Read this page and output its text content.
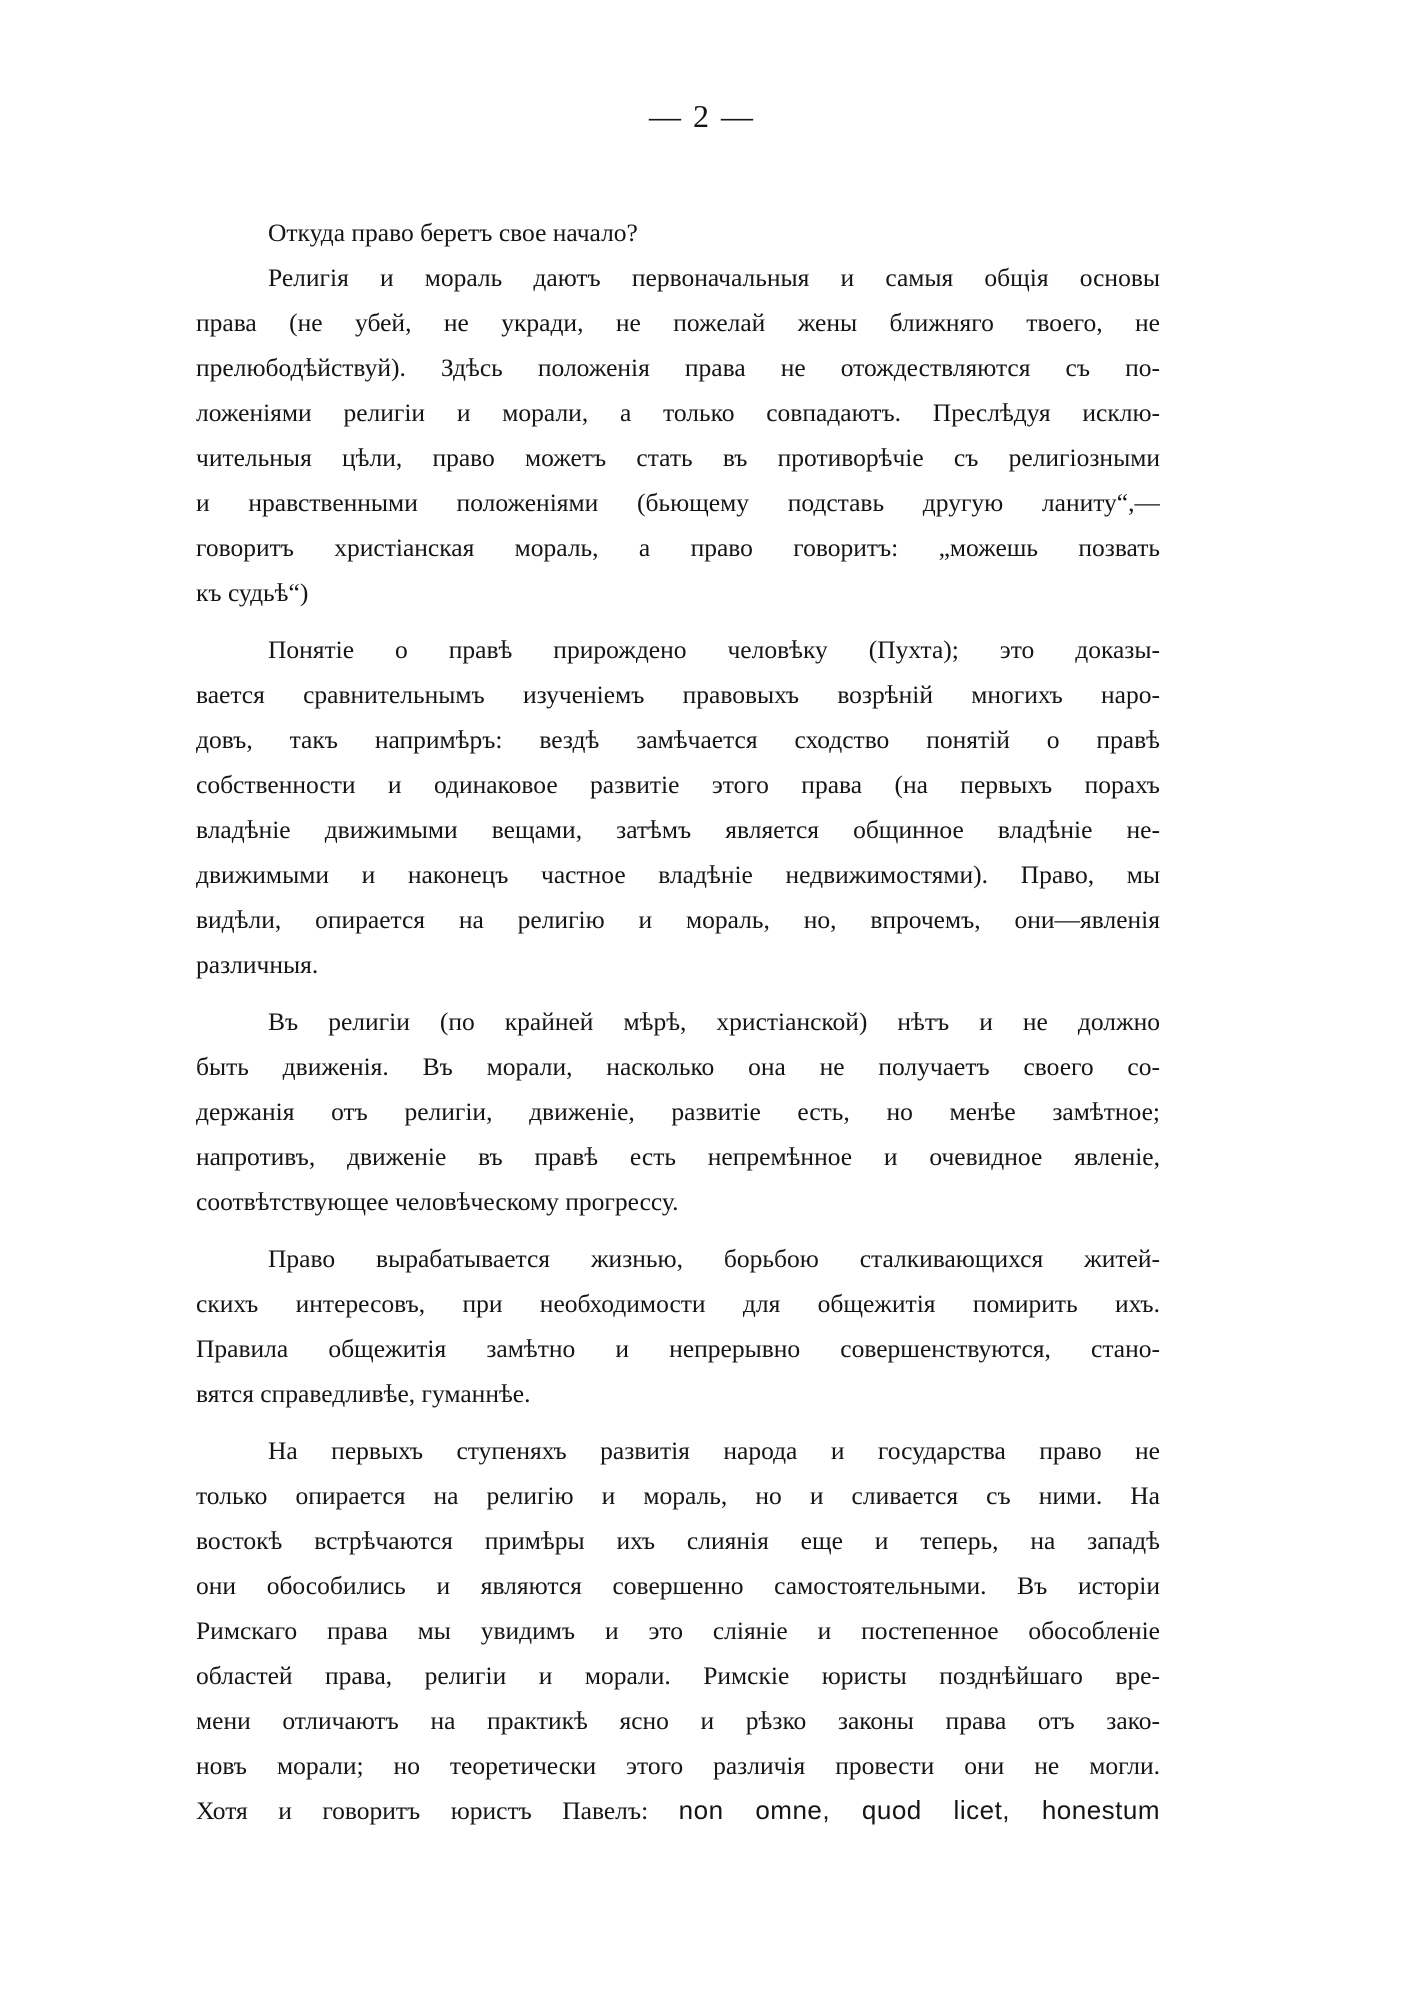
— 2 —

Откуда право беретъ свое начало?
Религія и мораль даютъ первоначальныя и самыя общія основы
права (не убей, не укради, не пожелай жены ближняго твоего, не
прелюбодѣйствуй). Здѣсь положенія права не отождествляются съ по-
ложеніями религіи и морали, а только совпадаютъ. Преслѣдуя исклю-
чительныя цѣли, право можетъ стать въ противорѣчіе съ религіозными
и нравственными положеніями (бьющему подставь другую ланиту“,—
говоритъ христіанская мораль, а право говоритъ: „можешь позвать
къ судьѣ“)
Понятіе о правѣ прирождено человѣку (Пухта); это доказы-
вается сравнительнымъ изученіемъ правовыхъ возрѣній многихъ наро-
довъ, такъ напримѣръ: вездѣ замѣчается сходство понятій о правѣ
собственности и одинаковое развитіе этого права (на первыхъ порахъ
владѣніе движимыми вещами, затѣмъ является общинное владѣніе не-
движимыми и наконецъ частное владѣніе недвижимостями). Право, мы
видѣли, опирается на религію и мораль, но, впрочемъ, они—явленія
различныя.
Въ религіи (по крайней мѣрѣ, христіанской) нѣтъ и не должно
быть движенія. Въ морали, насколько она не получаетъ своего со-
держанія отъ религіи, движеніе, развитіе есть, но менѣе замѣтное;
напротивъ, движеніе въ правѣ есть непремѣнное и очевидное явленіе,
соотвѣтствующее человѣческому прогрессу.
Право вырабатывается жизнью, борьбою сталкивающихся житей-
скихъ интересовъ, при необходимости для общежитія помирить ихъ.
Правила общежитія замѣтно и непрерывно совершенствуются, стано-
вятся справедливѣе, гуманнѣе.
На первыхъ ступеняхъ развитія народа и государства право не
только опирается на религію и мораль, но и сливается съ ними. На
востокѣ встрѣчаются примѣры ихъ слиянія еще и теперь, на западѣ
они обособились и являются совершенно самостоятельными. Въ исторіи
Римскаго права мы увидимъ и это сліяніе и постепенное обособленіе
областей права, религіи и морали. Римскіе юристы позднѣйшаго вре-
мени отличаютъ на практикѣ ясно и рѣзко законы права отъ зако-
новъ морали; но теоретически этого различія провести они не могли.
Хотя и говоритъ юристъ Павелъ: non omne, quod licet, honestum
